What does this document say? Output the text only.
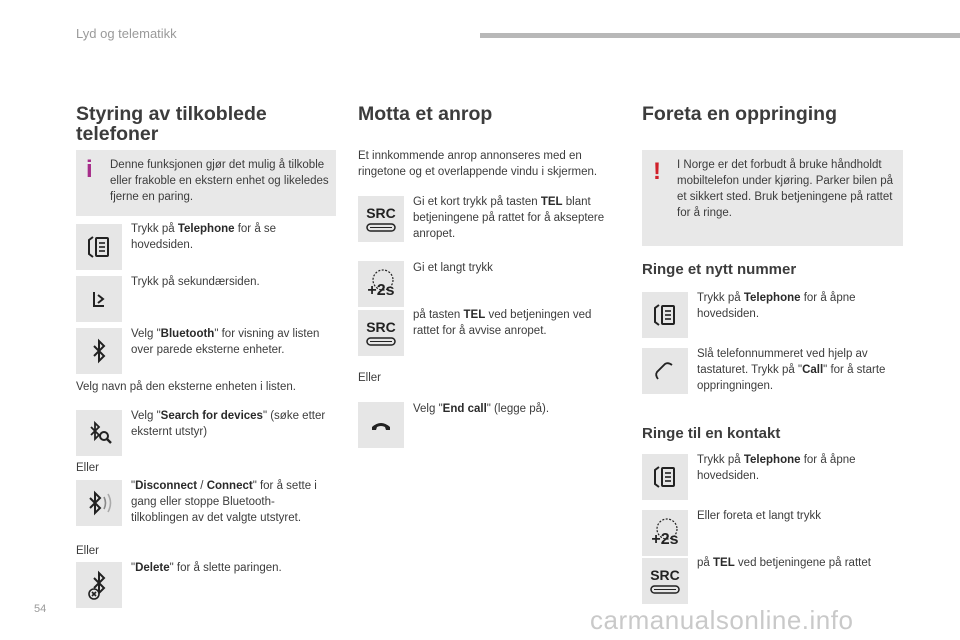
Lyd og telematikk
Styring av tilkoblede telefoner
i Denne funksjonen gjør det mulig å tilkoble eller frakoble en ekstern enhet og likeledes fjerne en paring.
Trykk på Telephone for å se hovedsiden.
Trykk på sekundærsiden.
Velg "Bluetooth" for visning av listen over parede eksterne enheter.
Velg navn på den eksterne enheten i listen.
Velg "Search for devices" (søke etter eksternt utstyr)
Eller
"Disconnect / Connect" for å sette i gang eller stoppe Bluetooth-tilkoblingen av det valgte utstyret.
Eller
"Delete" for å slette paringen.
Motta et anrop
Et innkommende anrop annonseres med en ringetone og et overlappende vindu i skjermen.
SRC
Gi et kort trykk på tasten TEL blant betjeningene på rattet for å akseptere anropet.
+2s
Gi et langt trykk
SRC
på tasten TEL ved betjeningen ved rattet for å avvise anropet.
Eller
Velg "End call" (legge på).
Foreta en oppringing
! I Norge er det forbudt å bruke håndholdt mobiltelefon under kjøring. Parker bilen på et sikkert sted. Bruk betjeningene på rattet for å ringe.
Ringe et nytt nummer
Trykk på Telephone for å åpne hovedsiden.
Slå telefonnummeret ved hjelp av tastaturet. Trykk på "Call" for å starte oppringningen.
Ringe til en kontakt
Trykk på Telephone for å åpne hovedsiden.
+2s
Eller foreta et langt trykk
SRC
på TEL ved betjeningene på rattet
54	carmanualsonline.info
